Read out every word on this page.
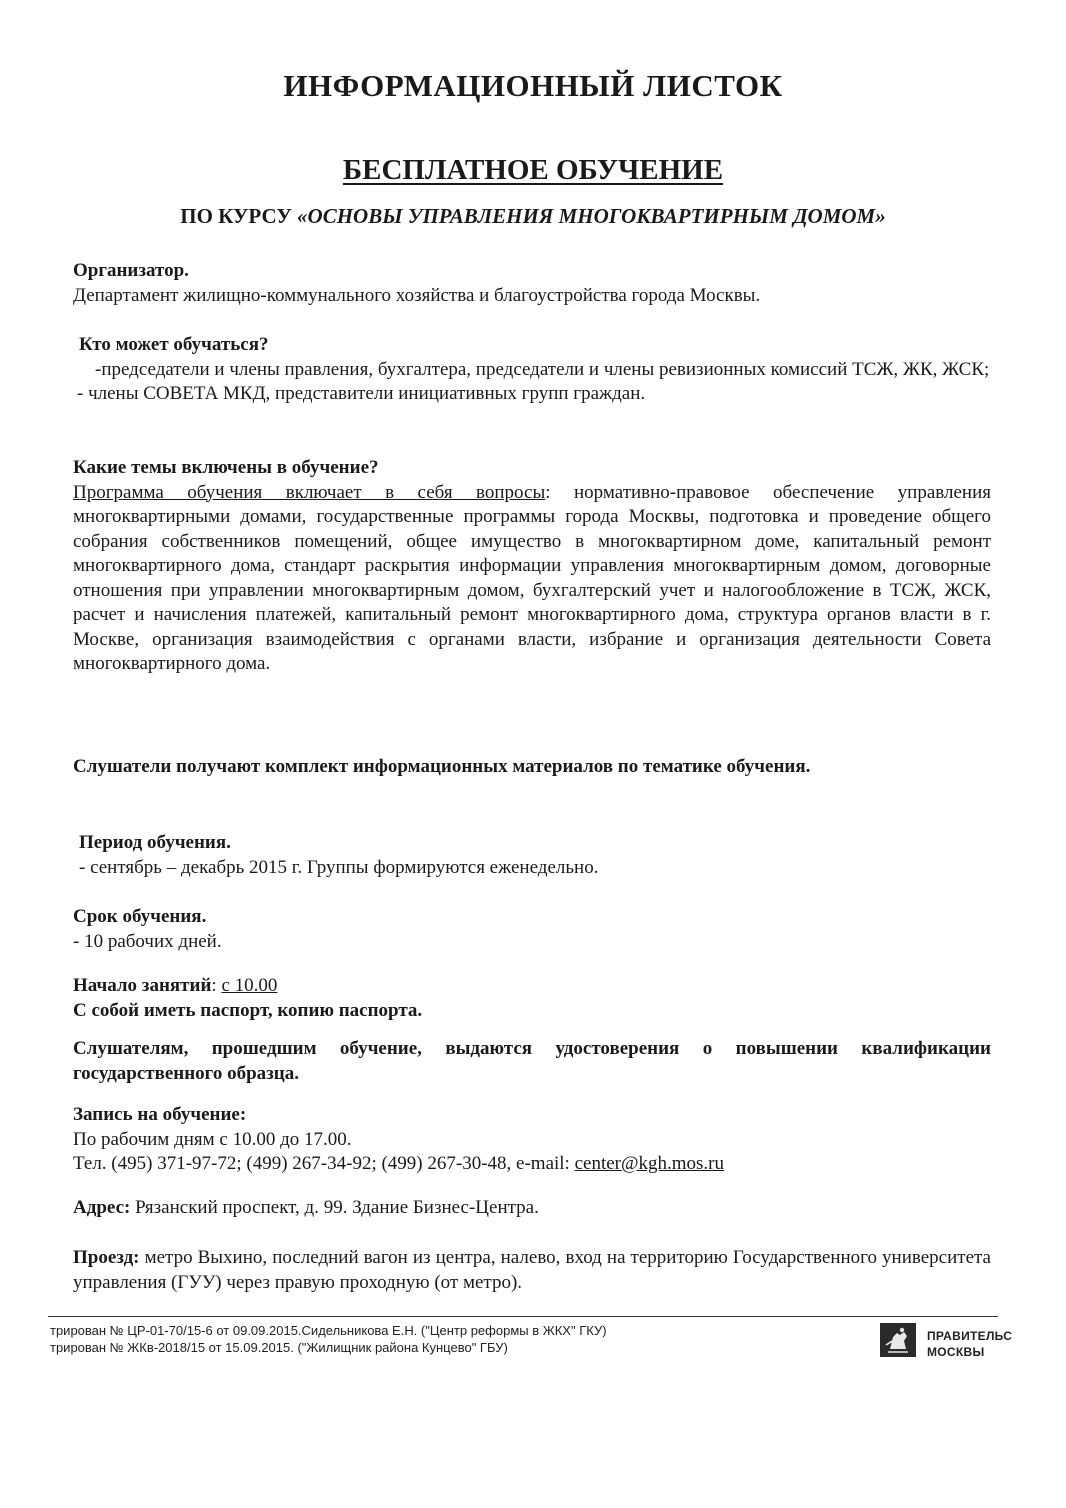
ИНФОРМАЦИОННЫЙ ЛИСТОК
БЕСПЛАТНОЕ ОБУЧЕНИЕ
ПО КУРСУ «ОСНОВЫ УПРАВЛЕНИЯ МНОГОКВАРТИРНЫМ ДОМОМ»
Организатор.
Департамент жилищно-коммунального хозяйства и благоустройства города Москвы.
Кто может обучаться?
-председатели и члены правления, бухгалтера, председатели и члены ревизионных комиссий ТСЖ, ЖК, ЖСК;
- члены СОВЕТА МКД, представители инициативных групп граждан.
Какие темы включены в обучение?
Программа обучения включает в себя вопросы: нормативно-правовое обеспечение управления многоквартирными домами, государственные программы города Москвы, подготовка и проведение общего собрания собственников помещений, общее имущество в многоквартирном доме, капитальный ремонт многоквартирного дома, стандарт раскрытия информации управления многоквартирным домом, договорные отношения при управлении многоквартирным домом, бухгалтерский учет и налогообложение в ТСЖ, ЖСК, расчет и начисления платежей, капитальный ремонт многоквартирного дома, структура органов власти в г. Москве, организация взаимодействия с органами власти, избрание и организация деятельности Совета многоквартирного дома.
Слушатели получают комплект информационных материалов по тематике обучения.
Период обучения.
- сентябрь – декабрь 2015 г. Группы формируются еженедельно.
Срок обучения.
- 10 рабочих дней.
Начало занятий: с 10.00
С собой иметь паспорт, копию паспорта.
Слушателям, прошедшим обучение, выдаются удостоверения о повышении квалификации государственного образца.
Запись на обучение:
По рабочим дням с 10.00 до 17.00.
Тел. (495) 371-97-72; (499) 267-34-92; (499) 267-30-48, e-mail: center@kgh.mos.ru
Адрес: Рязанский проспект, д. 99. Здание Бизнес-Центра.
Проезд: метро Выхино, последний вагон из центра, налево, вход на территорию Государственного университета управления (ГУУ) через правую проходную (от метро).
трирован № ЦР-01-70/15-6 от 09.09.2015.Сидельникова Е.Н. ("Центр реформы в ЖКХ" ГКУ)
трирован № ЖКв-2018/15 от 15.09.2015. ("Жилищник района Кунцево" ГБУ)
ПРАВИТЕЛЬС
МОСКВЫ
